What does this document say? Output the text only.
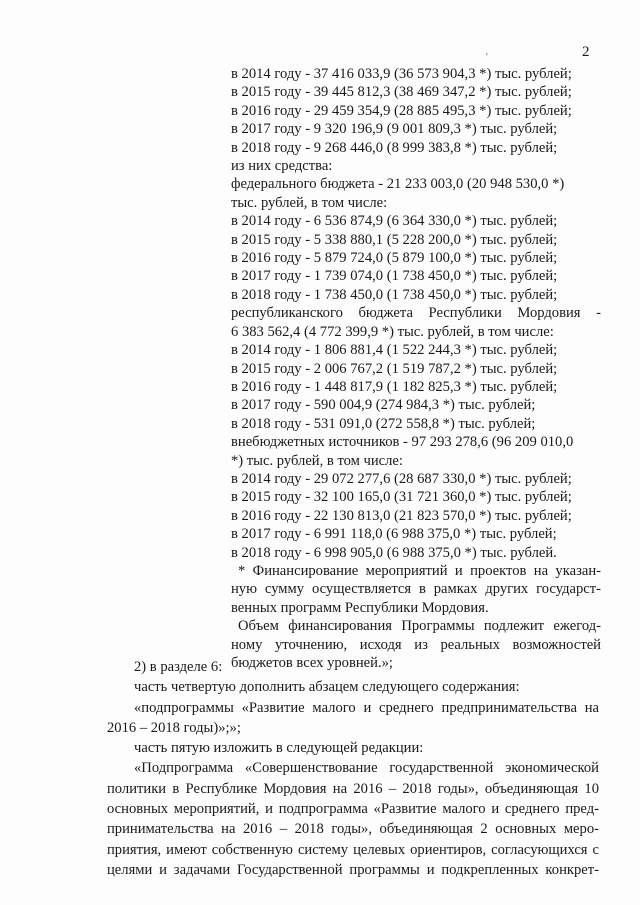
2
'
в 2014 году - 37 416 033,9 (36 573 904,3 *) тыс. рублей;
в 2015 году - 39 445 812,3 (38 469 347,2 *) тыс. рублей;
в 2016 году - 29 459 354,9 (28 885 495,3 *) тыс. рублей;
в 2017 году - 9 320 196,9 (9 001 809,3 *) тыс. рублей;
в 2018 году - 9 268 446,0 (8 999 383,8 *) тыс. рублей;
из них средства:
федерального бюджета - 21 233 003,0 (20 948 530,0 *)
тыс. рублей, в том числе:
в 2014 году - 6 536 874,9 (6 364 330,0 *) тыс. рублей;
в 2015 году - 5 338 880,1 (5 228 200,0 *) тыс. рублей;
в 2016 году - 5 879 724,0 (5 879 100,0 *) тыс. рублей;
в 2017 году - 1 739 074,0 (1 738 450,0 *) тыс. рублей;
в 2018 году - 1 738 450,0 (1 738 450,0 *) тыс. рублей;
республиканского бюджета Республики Мордовия -
6 383 562,4 (4 772 399,9 *) тыс. рублей, в том числе:
в 2014 году - 1 806 881,4 (1 522 244,3 *) тыс. рублей;
в 2015 году - 2 006 767,2 (1 519 787,2 *) тыс. рублей;
в 2016 году - 1 448 817,9 (1 182 825,3 *) тыс. рублей;
в 2017 году - 590 004,9 (274 984,3 *) тыс. рублей;
в 2018 году - 531 091,0 (272 558,8 *) тыс. рублей;
внебюджетных источников - 97 293 278,6 (96 209 010,0
*) тыс. рублей, в том числе:
в 2014 году - 29 072 277,6 (28 687 330,0 *) тыс. рублей;
в 2015 году - 32 100 165,0 (31 721 360,0 *) тыс. рублей;
в 2016 году - 22 130 813,0 (21 823 570,0 *) тыс. рублей;
в 2017 году - 6 991 118,0 (6 988 375,0 *) тыс. рублей;
в 2018 году - 6 998 905,0 (6 988 375,0 *) тыс. рублей.
* Финансирование мероприятий и проектов на указан-
ную сумму осуществляется в рамках других государст-
венных программ Республики Мордовия.
Объем финансирования Программы подлежит ежегод-
ному уточнению, исходя из реальных возможностей
бюджетов всех уровней.»;
2) в разделе 6:
часть четвертую дополнить абзацем следующего содержания:
«подпрограммы «Развитие малого и среднего предпринимательства на
2016 – 2018 годы)»;»;
часть пятую изложить в следующей редакции:
«Подпрограмма «Совершенствование государственной экономической
политики в Республике Мордовия на 2016 – 2018 годы», объединяющая 10
основных мероприятий, и подпрограмма «Развитие малого и среднего пред-
принимательства на 2016 – 2018 годы», объединяющая 2 основных меро-
приятия, имеют собственную систему целевых ориентиров, согласующихся с
целями и задачами Государственной программы и подкрепленных конкрет-
